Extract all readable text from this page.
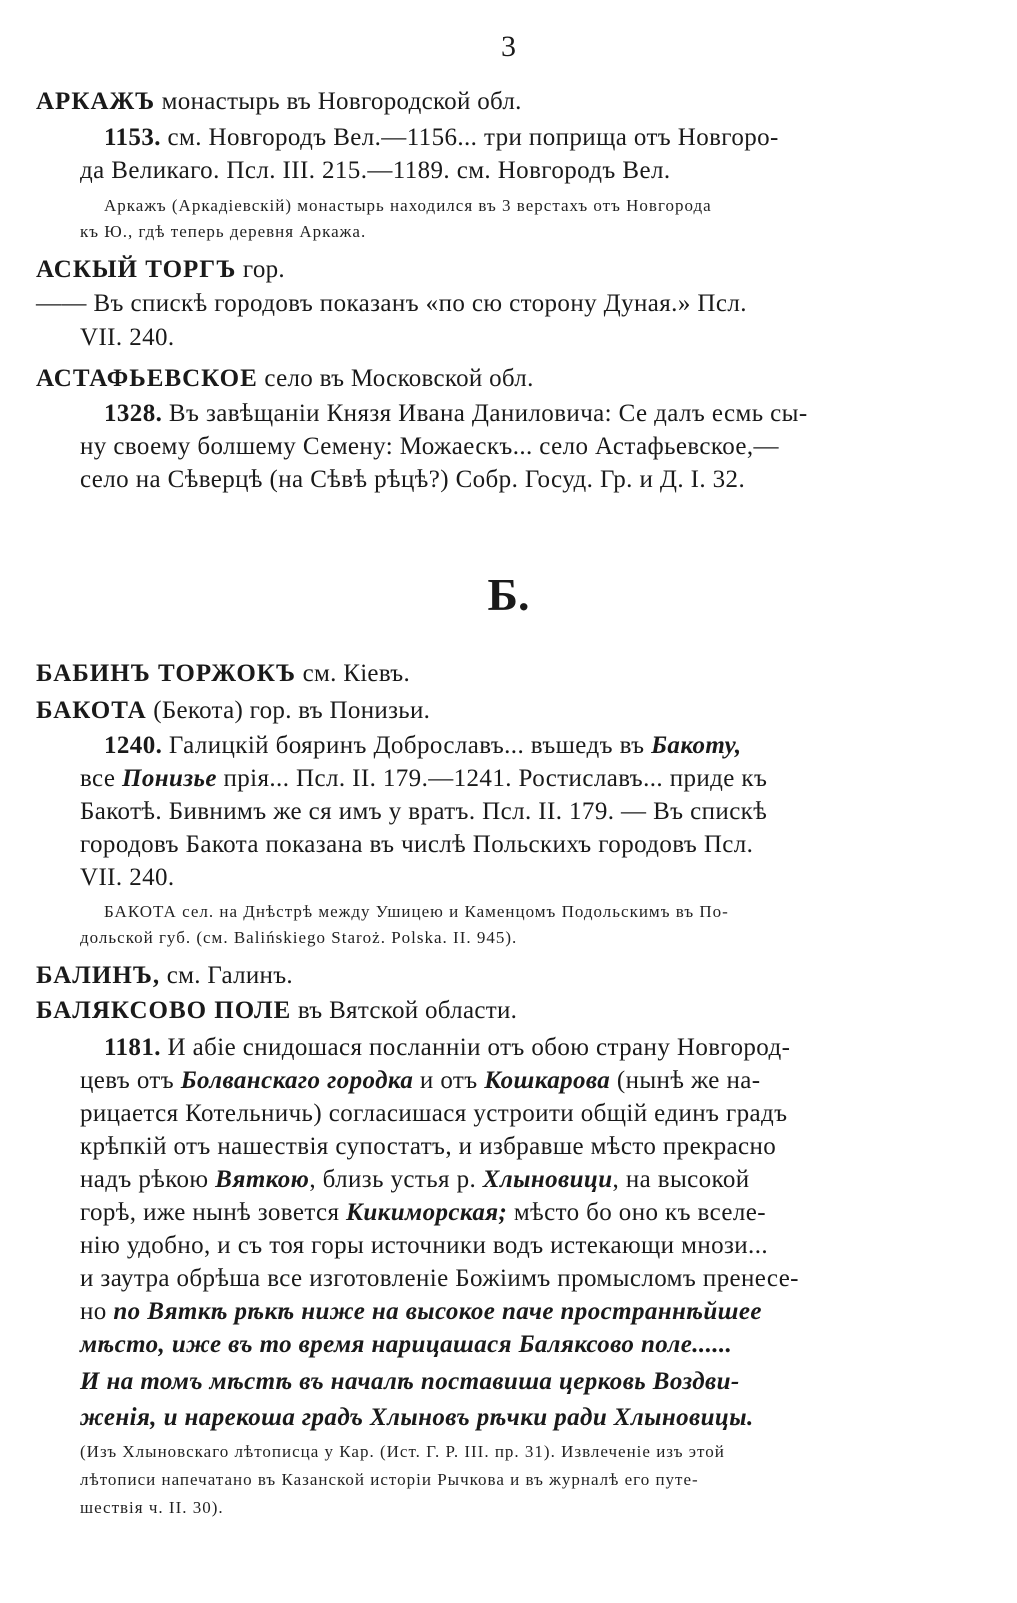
3

АРКАЖЪ монастырь въ Новгородской обл.

1153. см. Новгородъ Вел.—1156... три поприща отъ Новгоро-

да Великаго. Псл. III. 215.—1189. см. Новгородъ Вел.

Аркажъ (Аркадіевскій) монастырь находился въ 3 верстахъ отъ Новгорода

къ Ю., гдѣ теперь деревня Аркажа.

АСКЫЙ ТОРГЪ гор.

—— Въ спискѣ городовъ показанъ «по сю сторону Дуная.» Псл.

VII. 240.

АСТАФЬЕВСКОЕ село въ Московской обл.

1328. Въ завѣщаніи Князя Ивана Даниловича: Се далъ есмь сы-

ну своему болшему Семену: Можаескъ... село Астафьевское,—

село на Сѣверцѣ (на Сѣвѣ рѣцѣ?) Собр. Госуд. Гр. и Д. I. 32.

Б.

БАБИНЪ ТОРЖОКЪ см. Кіевъ.

БАКОТА (Бекота) гор. въ Понизьи.

1240. Галицкій бояринъ Доброславъ... въшедъ въ Бакоту,

все Понизье прія... Псл. II. 179.—1241. Ростиславъ... приде къ

Бакотѣ. Бивнимъ же ся имъ у вратъ. Псл. II. 179. — Въ спискѣ

городовъ Бакота показана въ числѣ Польскихъ городовъ Псл.

VII. 240.

БАКОТА сел. на Днѣстрѣ между Ушицею и Каменцомъ Подольскимъ въ По-

дольской губ. (см. Balińskiego Staroż. Polska. II. 945).

БАЛИНЪ, см. Галинъ.

БАЛЯКСОВО ПОЛЕ въ Вятской области.

1181. И абіе снидошася посланніи отъ обою страну Новгород-

цевъ отъ Болванскаго городка и отъ Кошкарова (нынѣ же на-

рицается Котельничь) согласишася устроити общій единъ градъ

крѣпкій отъ нашествія супостатъ, и избравше мѣсто прекрасно

надъ рѣкою Вяткою, близь устья р. Хлыновици, на высокой

горѣ, иже нынѣ зовется Кикиморская; мѣсто бо оно къ вселе-

нію удобно, и съ тоя горы источники водъ истекающи мнози...

и заутра обрѣша все изготовленіе Божіимъ промысломъ пренесе-

но по Вяткѣ рѣкѣ ниже на высокое паче пространнѣйшее

мѣсто, иже въ то время нарицашася Баляксово поле......

И на томъ мѣстѣ въ началѣ поставиша церковь Воздви-

женія, и нарекоша градъ Хлыновъ рѣчки ради Хлыновицы.

(Изъ Хлыновскаго лѣтописца у Кар. (Ист. Г. Р. III. пр. 31). Извлеченіе изъ этой

лѣтописи напечатано въ Казанской исторіи Рычкова и въ журналѣ его путе-

шествія ч. II. 30).
